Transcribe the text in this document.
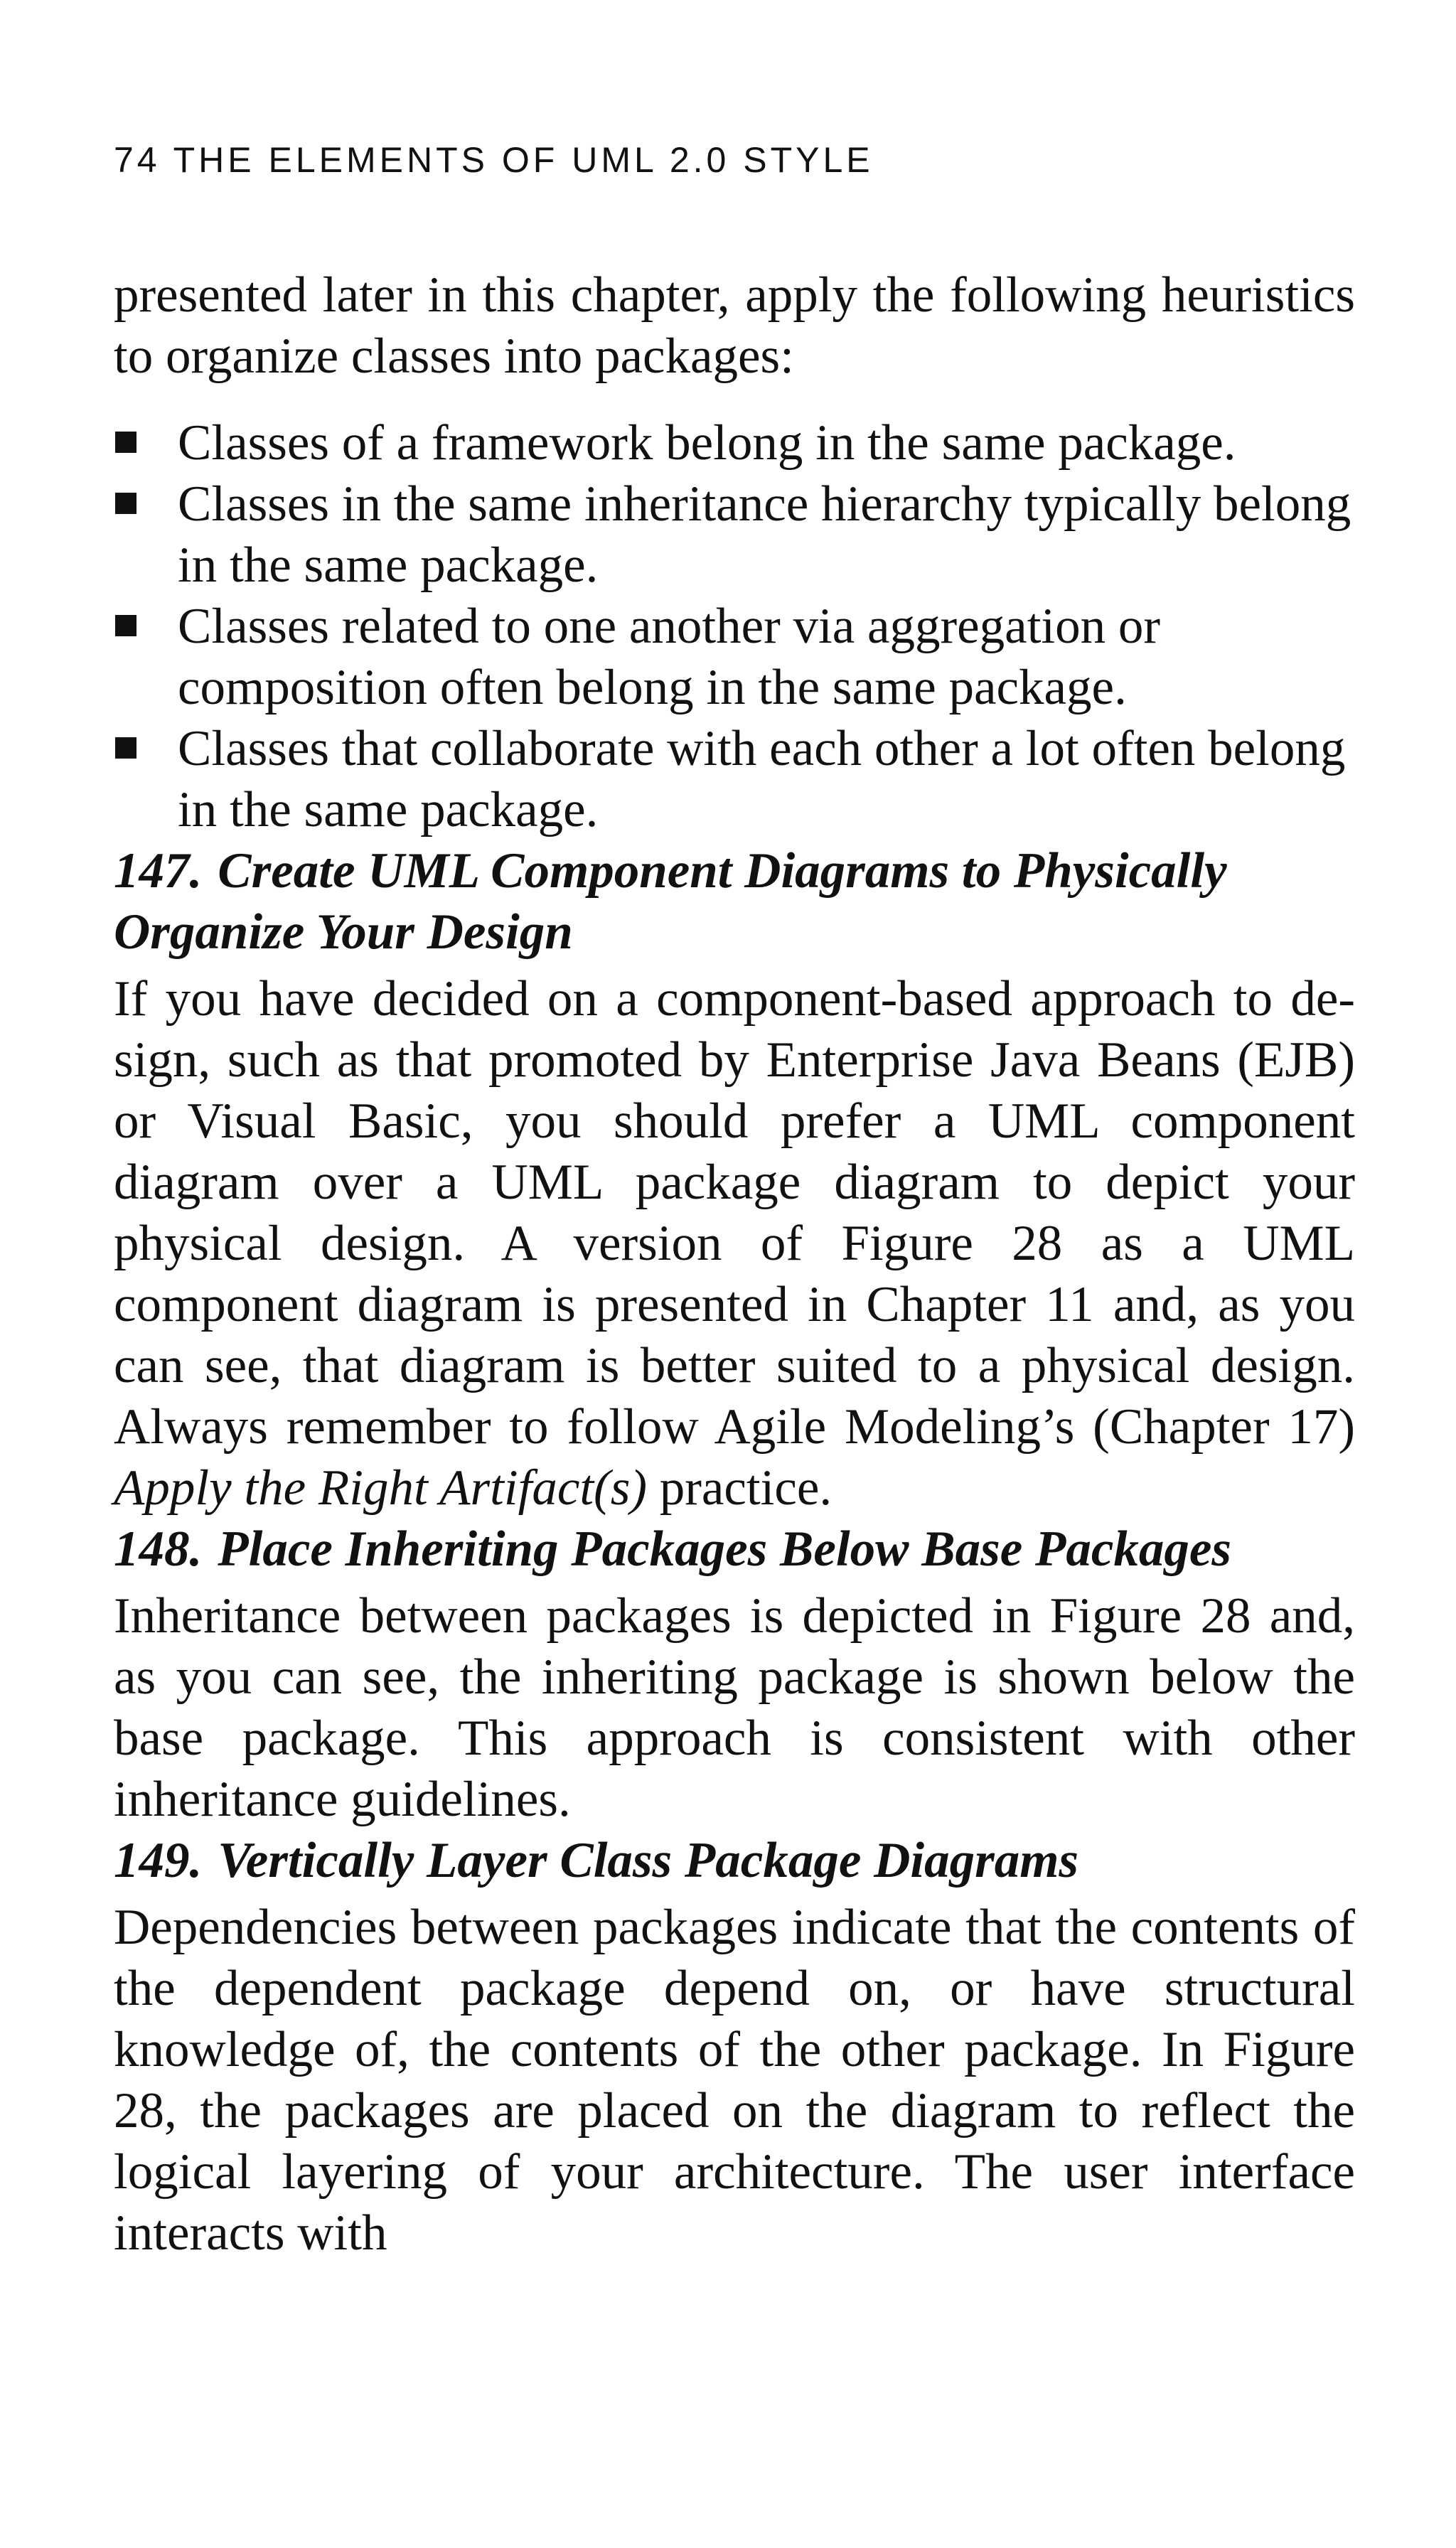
74 THE ELEMENTS OF UML 2.0 STYLE

presented later in this chapter, apply the following heuristics to organize classes into packages:

Classes of a framework belong in the same package.
Classes in the same inheritance hierarchy typically belong in the same package.
Classes related to one another via aggregation or composition often belong in the same package.
Classes that collaborate with each other a lot often belong in the same package.
147. Create UML Component Diagrams to Physically Organize Your Design

If you have decided on a component-based approach to design, such as that promoted by Enterprise Java Beans (EJB) or Visual Basic, you should prefer a UML component diagram over a UML package diagram to depict your physical design. A version of Figure 28 as a UML component diagram is presented in Chapter 11 and, as you can see, that diagram is better suited to a physical design. Always remember to follow Agile Modeling’s (Chapter 17) Apply the Right Artifact(s) practice.

148. Place Inheriting Packages Below Base Packages

Inheritance between packages is depicted in Figure 28 and, as you can see, the inheriting package is shown below the base package. This approach is consistent with other inheritance guidelines.

149. Vertically Layer Class Package Diagrams

Dependencies between packages indicate that the contents of the dependent package depend on, or have structural knowledge of, the contents of the other package. In Figure 28, the packages are placed on the diagram to reflect the logical layering of your architecture. The user interface interacts with
